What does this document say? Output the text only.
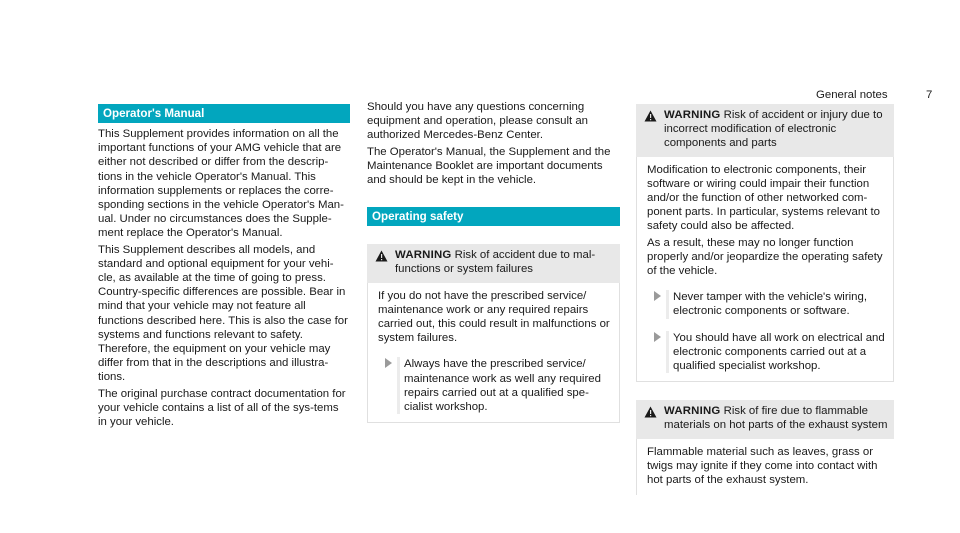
General notes	7
Operator's Manual

This Supplement provides information on all the important functions of your AMG vehicle that are either not described or differ from the descrip-tions in the vehicle Operator's Manual. This information supplements or replaces the corre-sponding sections in the vehicle Operator's Man-ual. Under no circumstances does the Supple-ment replace the Operator's Manual.

This Supplement describes all models, and standard and optional equipment for your vehi-cle, as available at the time of going to press. Country-specific differences are possible. Bear in mind that your vehicle may not feature all functions described here. This is also the case for systems and functions relevant to safety. Therefore, the equipment on your vehicle may differ from that in the descriptions and illustra-tions.

The original purchase contract documentation for your vehicle contains a list of all of the sys-tems in your vehicle.

Should you have any questions concerning equipment and operation, please consult an authorized Mercedes-Benz Center.

The Operator's Manual, the Supplement and the Maintenance Booklet are important documents and should be kept in the vehicle.

Operating safety
WARNING Risk of accident due to mal-functions or system failures

If you do not have the prescribed service/ maintenance work or any required repairs carried out, this could result in malfunctions or system failures.

Always have the prescribed service/ maintenance work as well any required repairs carried out at a qualified spe-cialist workshop.
WARNING Risk of accident or injury due to incorrect modification of electronic components and parts

Modification to electronic components, their software or wiring could impair their function and/or the function of other networked com-ponent parts. In particular, systems relevant to safety could also be affected.

As a result, these may no longer function properly and/or jeopardize the operating safety of the vehicle.

Never tamper with the vehicle's wiring, electronic components or software.
You should have all work on electrical and electronic components carried out at a qualified specialist workshop.
WARNING Risk of fire due to flammable materials on hot parts of the exhaust system

Flammable material such as leaves, grass or twigs may ignite if they come into contact with hot parts of the exhaust system.
